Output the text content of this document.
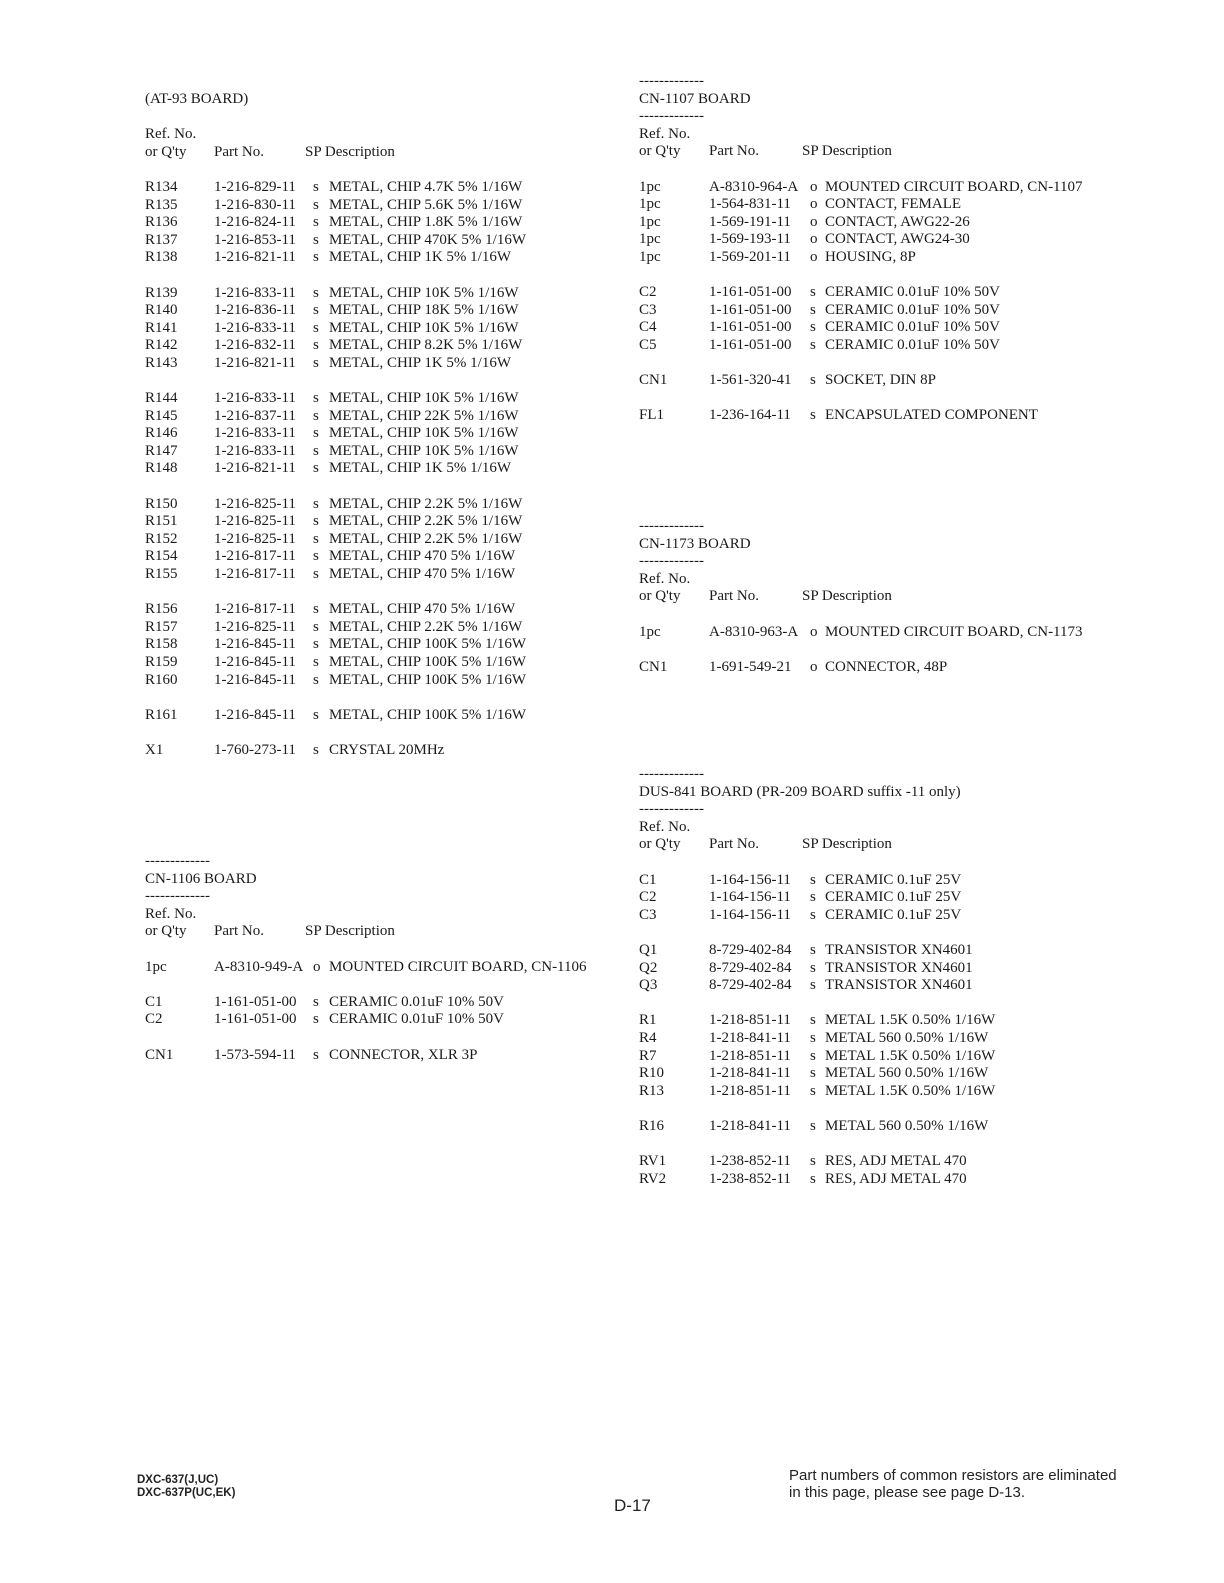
(AT-93 BOARD)
Ref. No.
or Q'ty Part No.	SP Description
R134 1-216-829-11 s METAL, CHIP 4.7K 5% 1/16W
R135 1-216-830-11 s METAL, CHIP 5.6K 5% 1/16W
R136 1-216-824-11 s METAL, CHIP 1.8K 5% 1/16W
R137 1-216-853-11 s METAL, CHIP 470K 5% 1/16W
R138 1-216-821-11 s METAL, CHIP 1K 5% 1/16W
R139 1-216-833-11 s METAL, CHIP 10K 5% 1/16W
R140 1-216-836-11 s METAL, CHIP 18K 5% 1/16W
R141 1-216-833-11 s METAL, CHIP 10K 5% 1/16W
R142 1-216-832-11 s METAL, CHIP 8.2K 5% 1/16W
R143 1-216-821-11 s METAL, CHIP 1K 5% 1/16W
R144 1-216-833-11 s METAL, CHIP 10K 5% 1/16W
R145 1-216-837-11 s METAL, CHIP 22K 5% 1/16W
R146 1-216-833-11 s METAL, CHIP 10K 5% 1/16W
R147 1-216-833-11 s METAL, CHIP 10K 5% 1/16W
R148 1-216-821-11 s METAL, CHIP 1K 5% 1/16W
R150 1-216-825-11 s METAL, CHIP 2.2K 5% 1/16W
R151 1-216-825-11 s METAL, CHIP 2.2K 5% 1/16W
R152 1-216-825-11 s METAL, CHIP 2.2K 5% 1/16W
R154 1-216-817-11 s METAL, CHIP 470 5% 1/16W
R155 1-216-817-11 s METAL, CHIP 470 5% 1/16W
R156 1-216-817-11 s METAL, CHIP 470 5% 1/16W
R157 1-216-825-11 s METAL, CHIP 2.2K 5% 1/16W
R158 1-216-845-11 s METAL, CHIP 100K 5% 1/16W
R159 1-216-845-11 s METAL, CHIP 100K 5% 1/16W
R160 1-216-845-11 s METAL, CHIP 100K 5% 1/16W
R161 1-216-845-11 s METAL, CHIP 100K 5% 1/16W
X1	1-760-273-11 s CRYSTAL 20MHz
-------------
CN-1106 BOARD
-------------
Ref. No.
or Q'ty Part No.	SP Description
1pc	A-8310-949-A o MOUNTED CIRCUIT BOARD, CN-1106
C1	1-161-051-00 s CERAMIC 0.01uF 10% 50V
C2	1-161-051-00 s CERAMIC 0.01uF 10% 50V
CN1	1-573-594-11 s CONNECTOR, XLR 3P
-------------
CN-1107 BOARD
-------------
Ref. No.
or Q'ty Part No.	SP Description
1pc	A-8310-964-A o MOUNTED CIRCUIT BOARD, CN-1107
1pc	1-564-831-11 o CONTACT, FEMALE
1pc	1-569-191-11 o CONTACT, AWG22-26
1pc	1-569-193-11 o CONTACT, AWG24-30
1pc	1-569-201-11 o HOUSING, 8P
C2	1-161-051-00 s CERAMIC 0.01uF 10% 50V
C3	1-161-051-00 s CERAMIC 0.01uF 10% 50V
C4	1-161-051-00 s CERAMIC 0.01uF 10% 50V
C5	1-161-051-00 s CERAMIC 0.01uF 10% 50V
CN1	1-561-320-41 s SOCKET, DIN 8P
FL1	1-236-164-11 s ENCAPSULATED COMPONENT
-------------
CN-1173 BOARD
-------------
Ref. No.
or Q'ty Part No.	SP Description
1pc	A-8310-963-A o MOUNTED CIRCUIT BOARD, CN-1173
CN1	1-691-549-21 o CONNECTOR, 48P
-------------
DUS-841 BOARD (PR-209 BOARD suffix -11 only)
-------------
Ref. No.
or Q'ty Part No.	SP Description
C1	1-164-156-11 s CERAMIC 0.1uF 25V
C2	1-164-156-11 s CERAMIC 0.1uF 25V
C3	1-164-156-11 s CERAMIC 0.1uF 25V
Q1	8-729-402-84 s TRANSISTOR XN4601
Q2	8-729-402-84 s TRANSISTOR XN4601
Q3	8-729-402-84 s TRANSISTOR XN4601
R1	1-218-851-11 s METAL 1.5K 0.50% 1/16W
R4	1-218-841-11 s METAL 560 0.50% 1/16W
R7	1-218-851-11 s METAL 1.5K 0.50% 1/16W
R10	1-218-841-11 s METAL 560 0.50% 1/16W
R13	1-218-851-11 s METAL 1.5K 0.50% 1/16W
R16	1-218-841-11 s METAL 560 0.50% 1/16W
RV1	1-238-852-11 s RES, ADJ METAL 470
RV2	1-238-852-11 s RES, ADJ METAL 470
DXC-637(J,UC)
DXC-637P(UC,EK)
D-17
Part numbers of common resistors are eliminated
in this page, please see page D-13.
